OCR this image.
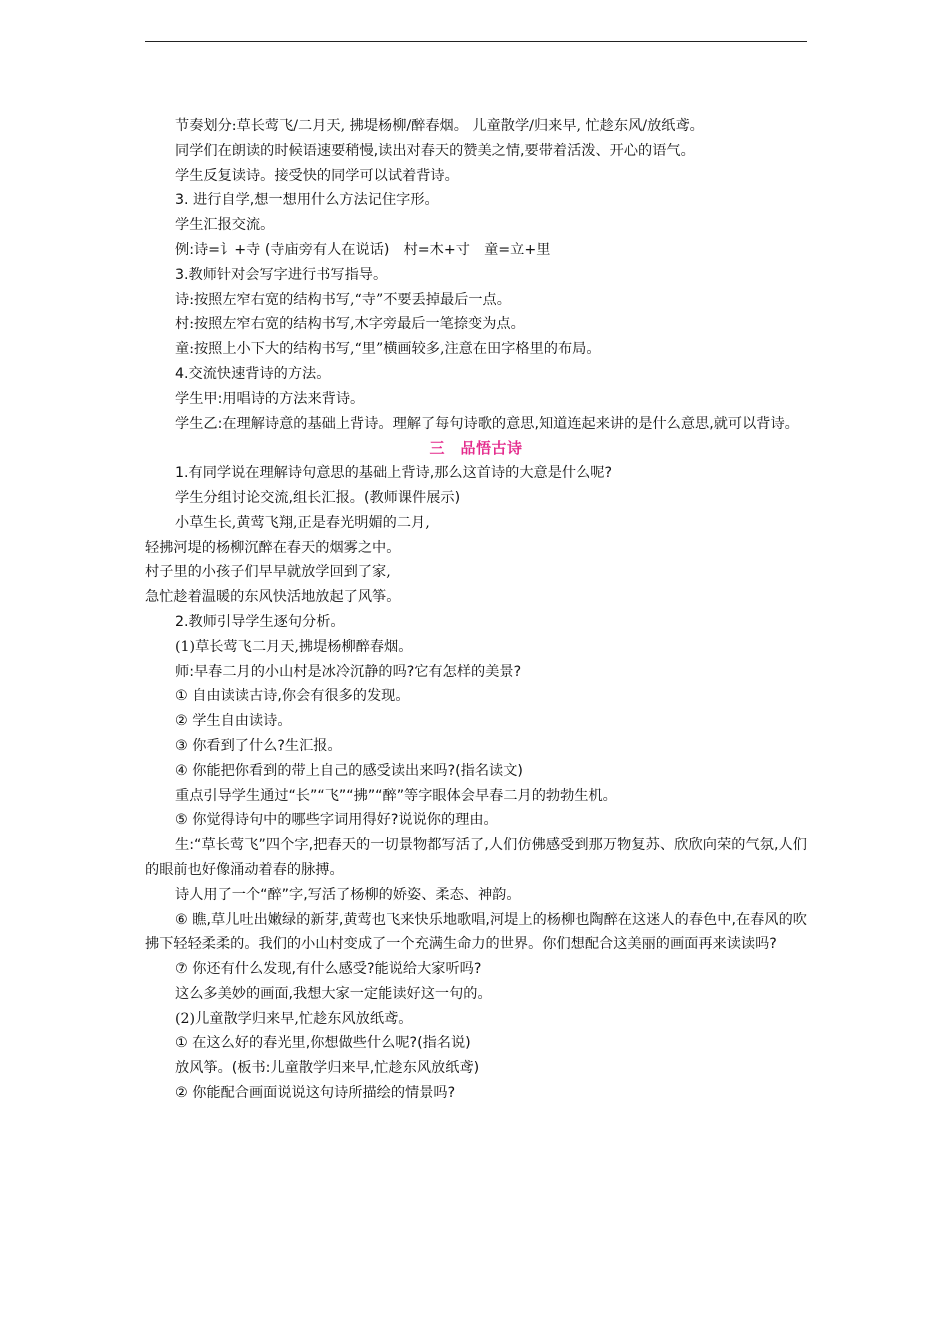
节奏划分:草长莺飞/二月天, 拂堤杨柳/醉春烟。 儿童散学/归来早, 忙趁东风/放纸鸢。

同学们在朗读的时候语速要稍慢,读出对春天的赞美之情,要带着活泼、开心的语气。

学生反复读诗。接受快的同学可以试着背诗。

3. 进行自学,想一想用什么方法记住字形。

学生汇报交流。

例:诗=讠+寺 (寺庙旁有人在说话)　村=木+寸　童=立+里

3.教师针对会写字进行书写指导。

诗:按照左窄右宽的结构书写,“寺”不要丢掉最后一点。

村:按照左窄右宽的结构书写,木字旁最后一笔捺变为点。

童:按照上小下大的结构书写,“里”横画较多,注意在田字格里的布局。

4.交流快速背诗的方法。

学生甲:用唱诗的方法来背诗。

学生乙:在理解诗意的基础上背诗。理解了每句诗歌的意思,知道连起来讲的是什么意思,就可以背诗。

三　品悟古诗

1.有同学说在理解诗句意思的基础上背诗,那么这首诗的大意是什么呢?

学生分组讨论交流,组长汇报。(教师课件展示)

小草生长,黄莺飞翔,正是春光明媚的二月,

轻拂河堤的杨柳沉醉在春天的烟雾之中。

村子里的小孩子们早早就放学回到了家,

急忙趁着温暖的东风快活地放起了风筝。

2.教师引导学生逐句分析。

(1)草长莺飞二月天,拂堤杨柳醉春烟。

师:早春二月的小山村是冰冷沉静的吗?它有怎样的美景?

① 自由读读古诗,你会有很多的发现。

② 学生自由读诗。

③ 你看到了什么?生汇报。

④ 你能把你看到的带上自己的感受读出来吗?(指名读文)

重点引导学生通过“长”“飞”“拂”“醉”等字眼体会早春二月的勃勃生机。

⑤ 你觉得诗句中的哪些字词用得好?说说你的理由。

生:“草长莺飞”四个字,把春天的一切景物都写活了,人们仿佛感受到那万物复苏、欣欣向荣的气氛,人们的眼前也好像涌动着春的脉搏。

诗人用了一个“醉”字,写活了杨柳的娇姿、柔态、神韵。

⑥ 瞧,草儿吐出嫩绿的新芽,黄莺也飞来快乐地歌唱,河堤上的杨柳也陶醉在这迷人的春色中,在春风的吹拂下轻轻柔柔的。我们的小山村变成了一个充满生命力的世界。你们想配合这美丽的画面再来读读吗?

⑦ 你还有什么发现,有什么感受?能说给大家听吗?

这么多美妙的画面,我想大家一定能读好这一句的。

(2)儿童散学归来早,忙趁东风放纸鸢。

① 在这么好的春光里,你想做些什么呢?(指名说)

放风筝。(板书:儿童散学归来早,忙趁东风放纸鸢)

② 你能配合画面说说这句诗所描绘的情景吗?
